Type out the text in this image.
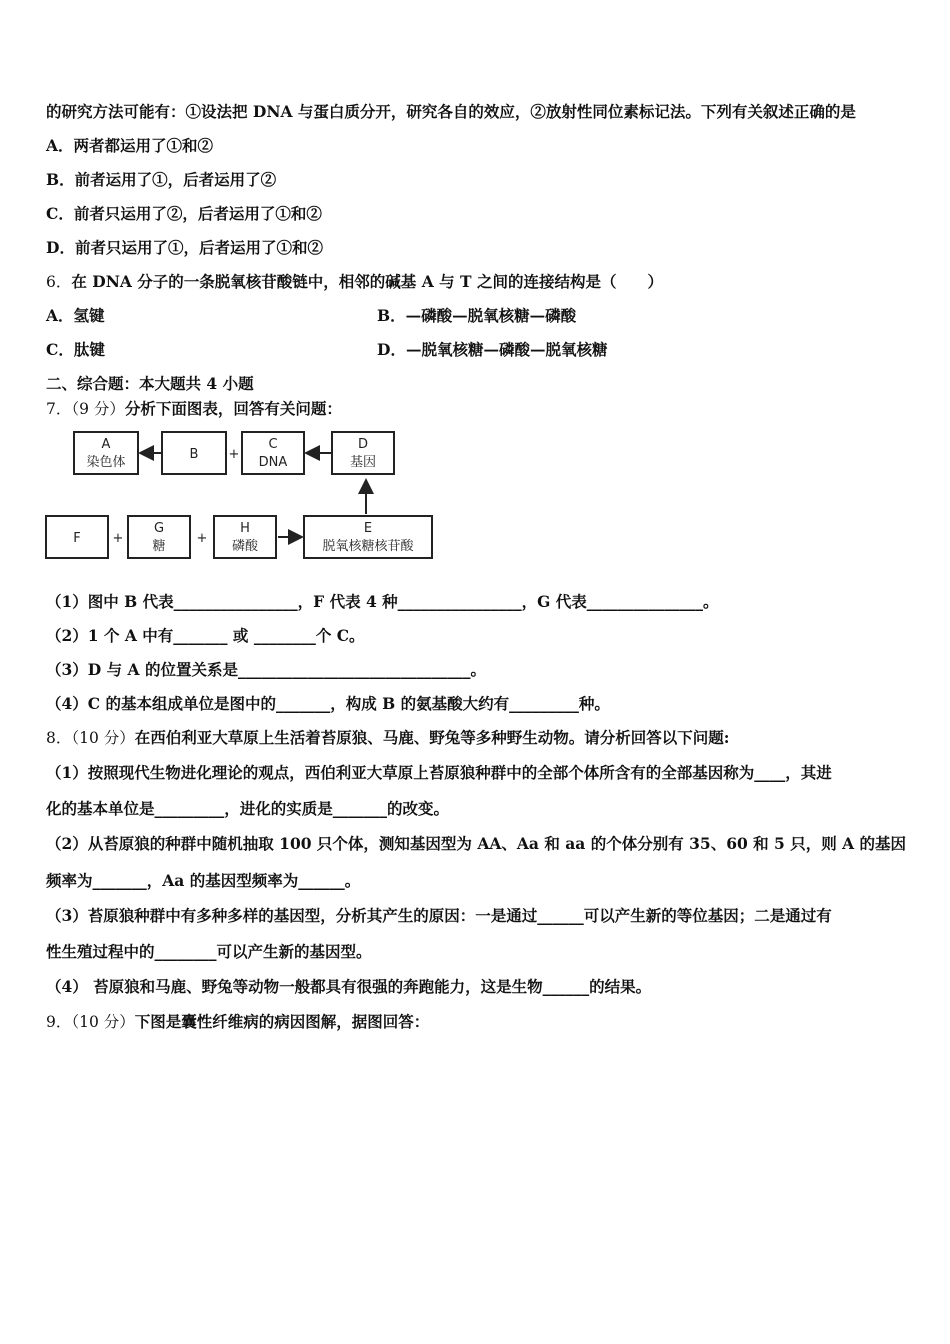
的研究方法可能有：①设法把 DNA 与蛋白质分开，研究各自的效应，②放射性同位素标记法。下列有关叙述正确的是
A．两者都运用了①和②
B．前者运用了①，后者运用了②
C．前者只运用了②，后者运用了①和②
D．前者只运用了①，后者运用了①和②
6．在 DNA 分子的一条脱氧核苷酸链中，相邻的碱基 A 与 T 之间的连接结构是（　　）
A．氢键	B．—磷酸—脱氧核糖—磷酸
C．肽键	D．—脱氧核糖—磷酸—脱氧核糖
二、综合题：本大题共 4 小题
7．（9 分）分析下面图表，回答有关问题：
A
染色体
B +
C
DNA
D
基因
F +
G
糖
+
H
磷酸
E
脱氧核糖核苷酸
（1）图中 B 代表________________，F 代表 4 种________________，G 代表_______________。
（2）1 个 A 中有_______ 或 ________个 C。
（3）D 与 A 的位置关系是______________________________。
（4）C 的基本组成单位是图中的_______，构成 B 的氨基酸大约有_________种。
8．（10 分）在西伯利亚大草原上生活着苔原狼、马鹿、野兔等多种野生动物。请分析回答以下问题:
（1）按照现代生物进化理论的观点，西伯利亚大草原上苔原狼种群中的全部个体所含有的全部基因称为____，其进
化的基本单位是_________，进化的实质是_______的改变。
（2）从苔原狼的种群中随机抽取 100 只个体，测知基因型为 AA、Aa 和 aa 的个体分别有 35、60 和 5 只，则 A 的基因
频率为_______，Aa 的基因型频率为______。
（3）苔原狼种群中有多种多样的基因型，分析其产生的原因：一是通过______可以产生新的等位基因；二是通过有
性生殖过程中的________可以产生新的基因型。
（4） 苔原狼和马鹿、野兔等动物一般都具有很强的奔跑能力，这是生物______的结果。
9．（10 分）下图是囊性纤维病的病因图解，据图回答：
